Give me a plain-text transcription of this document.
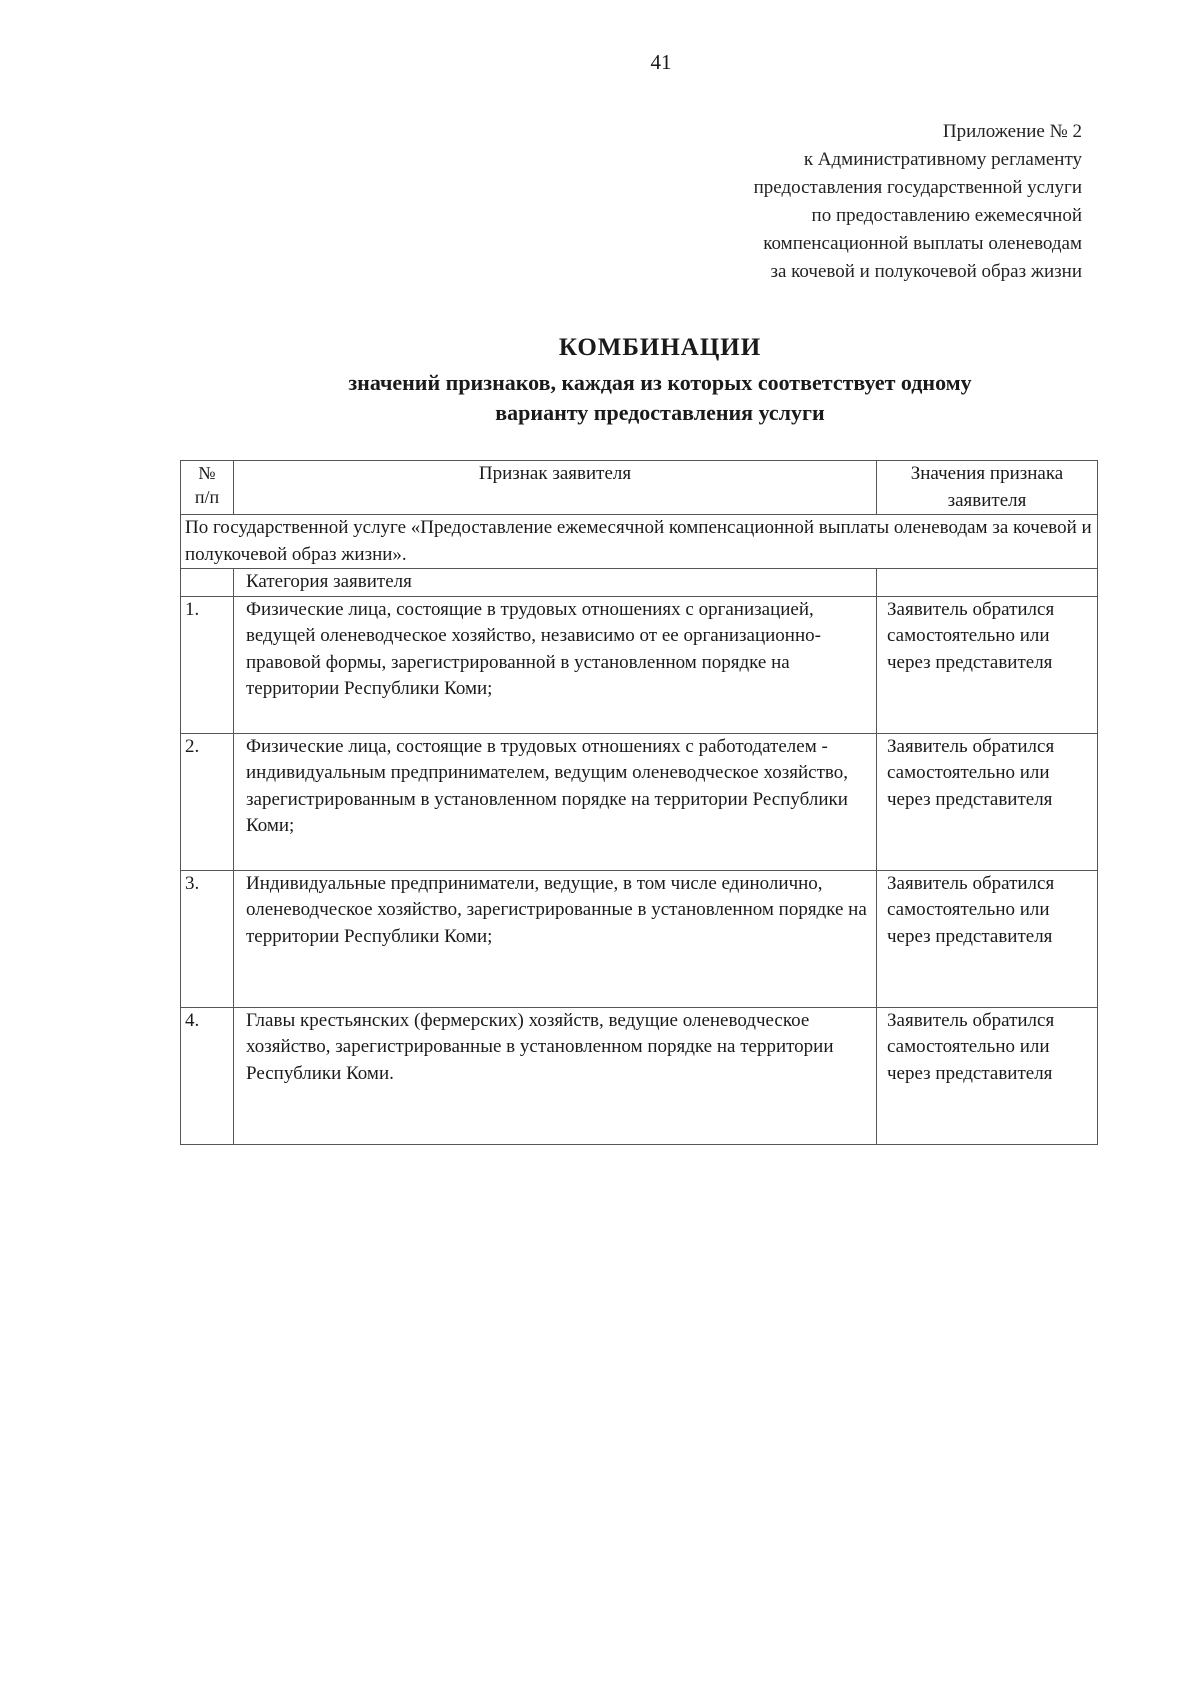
41
Приложение № 2
к Административному регламенту
предоставления государственной услуги
по предоставлению ежемесячной
компенсационной выплаты оленеводам
за кочевой и полукочевой образ жизни
КОМБИНАЦИИ
значений признаков, каждая из которых соответствует одному
варианту предоставления услуги
№
п/п	Признак заявителя	Значения признака заявителя
По государственной услуге «Предоставление ежемесячной компенсационной выплаты оленеводам за кочевой и полукочевой образ жизни».		
	Категория заявителя	
1.	Физические лица, состоящие в трудовых отношениях с организацией, ведущей оленеводческое хозяйство, независимо от ее организационно-правовой формы, зарегистрированной в установленном порядке на территории Республики Коми;	Заявитель обратился самостоятельно или через представителя
2.	Физические лица, состоящие в трудовых отношениях с работодателем - индивидуальным предпринимателем, ведущим оленеводческое хозяйство, зарегистрированным в установленном порядке на территории Республики Коми;	Заявитель обратился самостоятельно или через представителя
3.	Индивидуальные предприниматели, ведущие, в том числе единолично, оленеводческое хозяйство, зарегистрированные в установленном порядке на территории Республики Коми;	Заявитель обратился самостоятельно или через представителя
4.	Главы крестьянских (фермерских) хозяйств, ведущие оленеводческое хозяйство, зарегистрированные в установленном порядке на территории Республики Коми.	Заявитель обратился самостоятельно или через представителя
